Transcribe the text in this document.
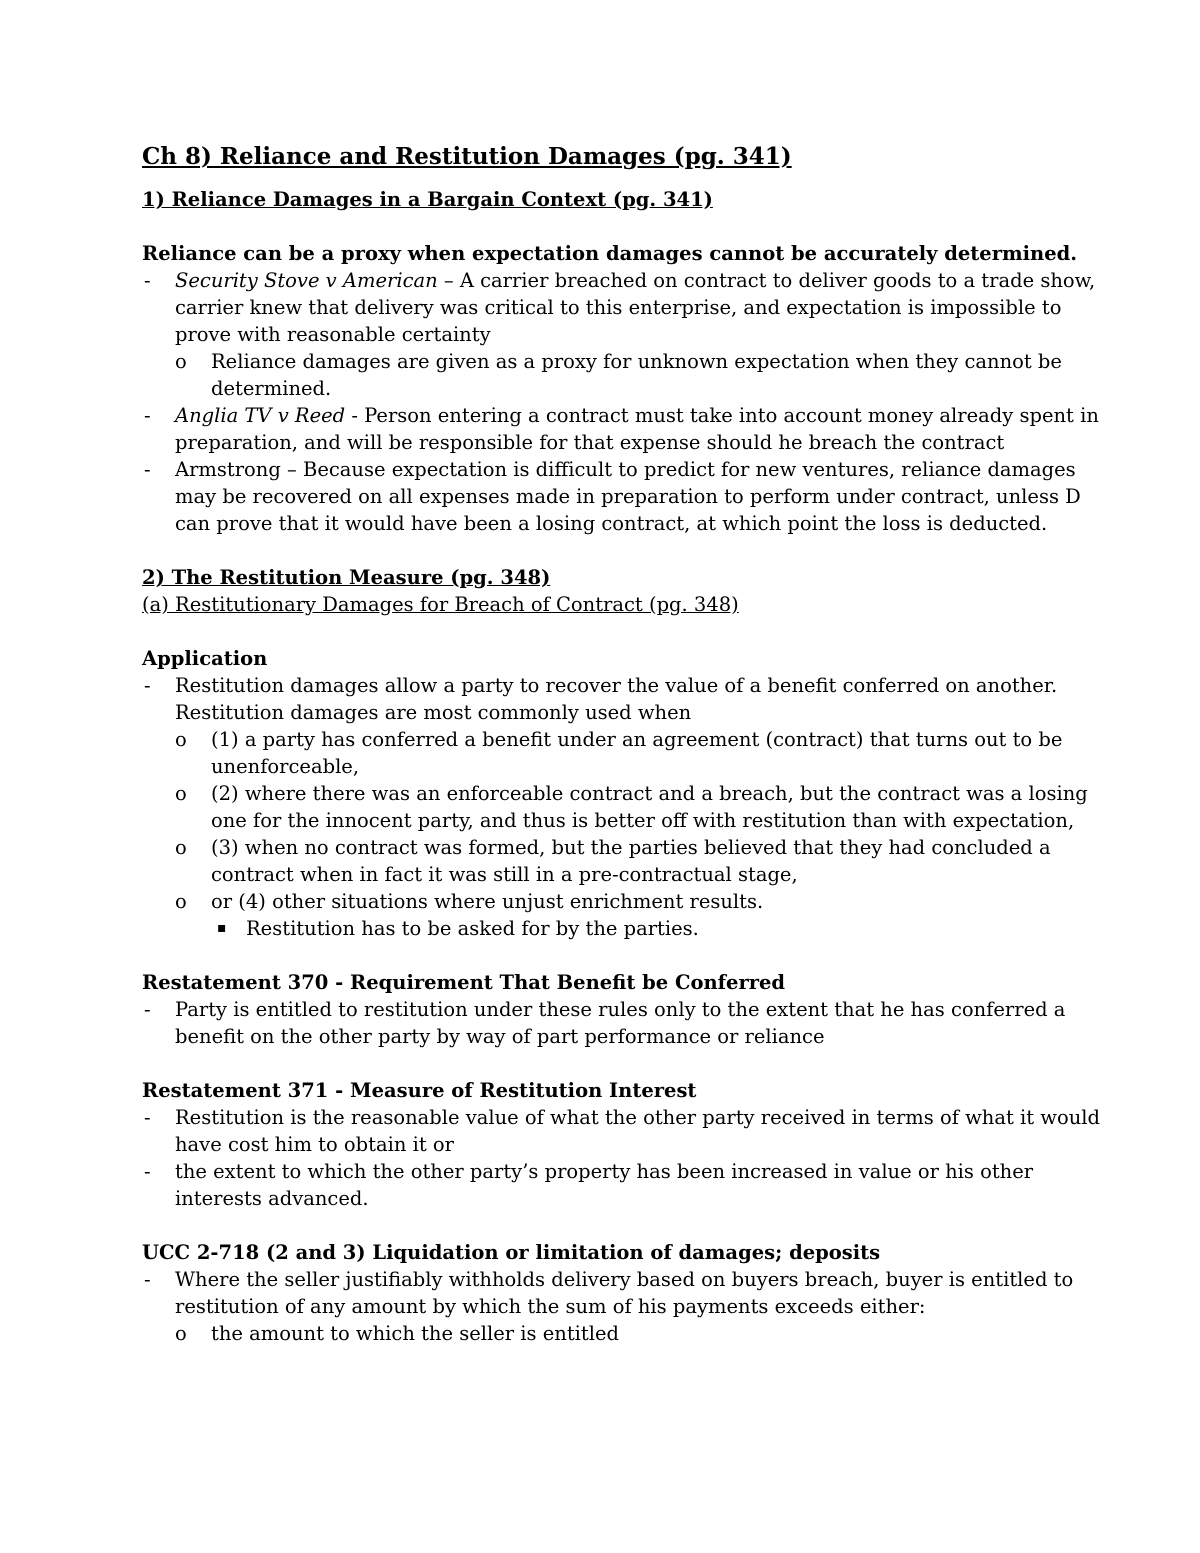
Ch 8) Reliance and Restitution Damages (pg. 341)
1) Reliance Damages in a Bargain Context (pg. 341)
Reliance can be a proxy when expectation damages cannot be accurately determined.
- Security Stove v American – A carrier breached on contract to deliver goods to a trade show,
carrier knew that delivery was critical to this enterprise, and expectation is impossible to
prove with reasonable certainty
o Reliance damages are given as a proxy for unknown expectation when they cannot be
determined.
- Anglia TV v Reed - Person entering a contract must take into account money already spent in
preparation, and will be responsible for that expense should he breach the contract
- Armstrong – Because expectation is difficult to predict for new ventures, reliance damages
may be recovered on all expenses made in preparation to perform under contract, unless D
can prove that it would have been a losing contract, at which point the loss is deducted.
2) The Restitution Measure (pg. 348)
(a) Restitutionary Damages for Breach of Contract (pg. 348)
Application
- Restitution damages allow a party to recover the value of a benefit conferred on another.
Restitution damages are most commonly used when
o (1) a party has conferred a benefit under an agreement (contract) that turns out to be
unenforceable,
o (2) where there was an enforceable contract and a breach, but the contract was a losing
one for the innocent party, and thus is better off with restitution than with expectation,
o (3) when no contract was formed, but the parties believed that they had concluded a
contract when in fact it was still in a pre-contractual stage,
o or (4) other situations where unjust enrichment results.
▪ Restitution has to be asked for by the parties.
Restatement 370 - Requirement That Benefit be Conferred
- Party is entitled to restitution under these rules only to the extent that he has conferred a
benefit on the other party by way of part performance or reliance
Restatement 371 - Measure of Restitution Interest
- Restitution is the reasonable value of what the other party received in terms of what it would
have cost him to obtain it or
- the extent to which the other party’s property has been increased in value or his other
interests advanced.
UCC 2-718 (2 and 3) Liquidation or limitation of damages; deposits
- Where the seller justifiably withholds delivery based on buyers breach, buyer is entitled to
restitution of any amount by which the sum of his payments exceeds either:
o the amount to which the seller is entitled
